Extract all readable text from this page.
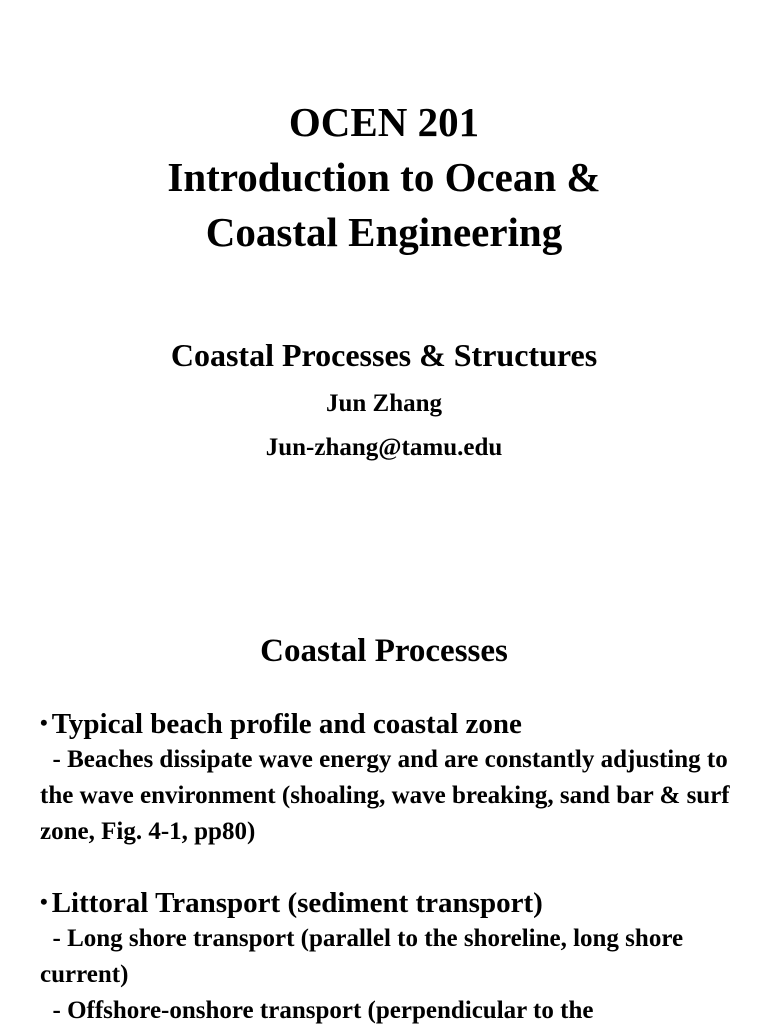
OCEN 201
Introduction to Ocean &
Coastal Engineering
Coastal Processes & Structures
Jun Zhang
Jun-zhang@tamu.edu
Coastal Processes
• Typical beach profile and coastal zone
- Beaches dissipate wave energy and are constantly adjusting to the wave environment (shoaling, wave breaking, sand bar & surf zone, Fig. 4-1, pp80)
• Littoral Transport (sediment transport)
- Long shore transport (parallel to the shoreline, long shore current)
- Offshore-onshore transport (perpendicular to the
